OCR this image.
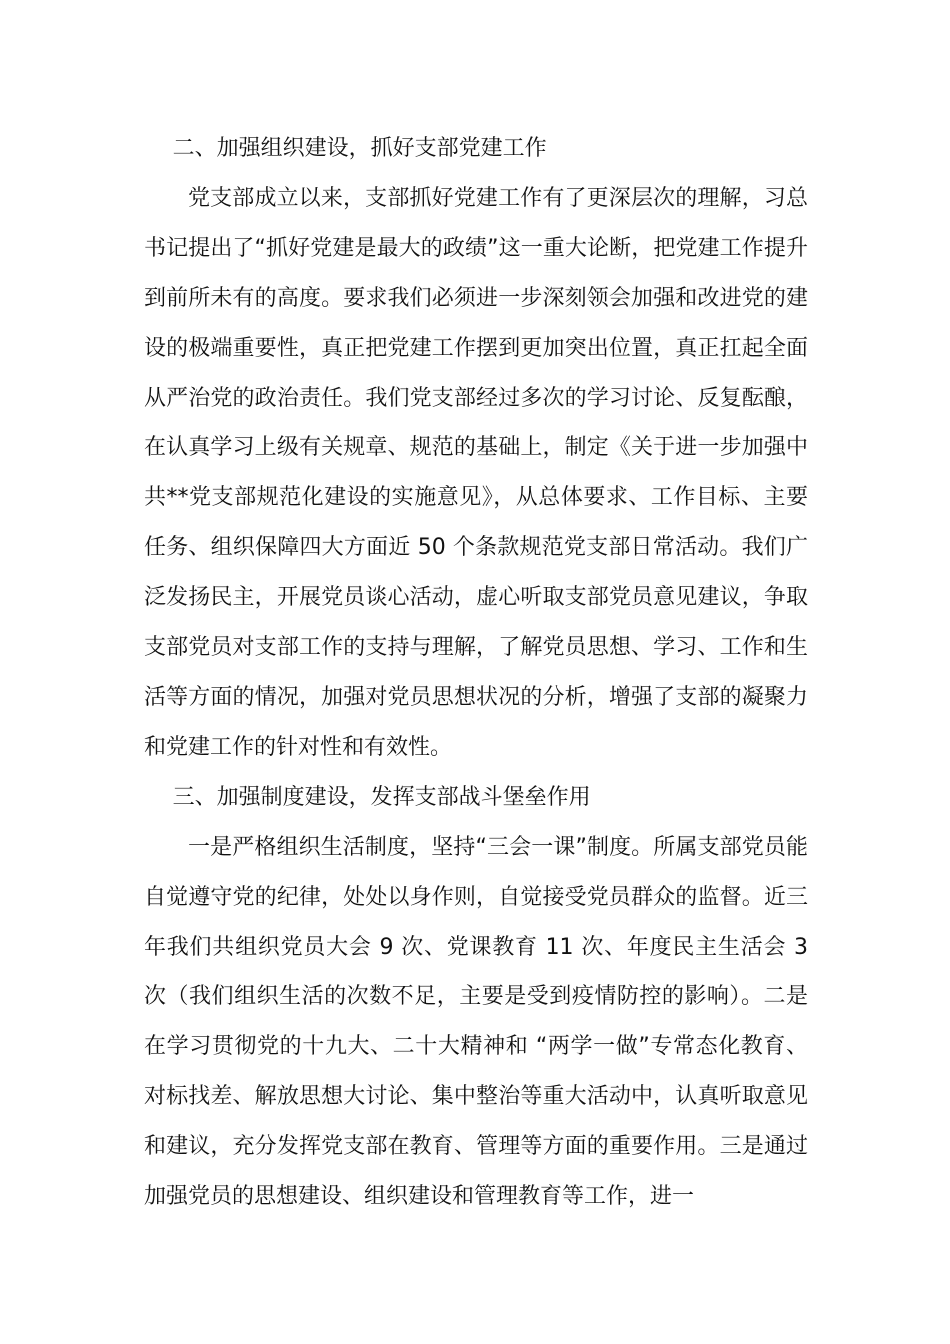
二、加强组织建设，抓好支部党建工作

党支部成立以来，支部抓好党建工作有了更深层次的理解，习总书记提出了“抓好党建是最大的政绩”这一重大论断，把党建工作提升到前所未有的高度。要求我们必须进一步深刻领会加强和改进党的建设的极端重要性，真正把党建工作摆到更加突出位置，真正扛起全面从严治党的政治责任。我们党支部经过多次的学习讨论、反复酝酿，在认真学习上级有关规章、规范的基础上，制定《关于进一步加强中共**党支部规范化建设的实施意见》，从总体要求、工作目标、主要任务、组织保障四大方面近 50 个条款规范党支部日常活动。我们广泛发扬民主，开展党员谈心活动，虚心听取支部党员意见建议，争取支部党员对支部工作的支持与理解，了解党员思想、学习、工作和生活等方面的情况，加强对党员思想状况的分析，增强了支部的凝聚力和党建工作的针对性和有效性。

三、加强制度建设，发挥支部战斗堡垒作用

一是严格组织生活制度，坚持“三会一课”制度。所属支部党员能自觉遵守党的纪律，处处以身作则，自觉接受党员群众的监督。近三年我们共组织党员大会 9 次、党课教育 11 次、年度民主生活会 3 次（我们组织生活的次数不足，主要是受到疫情防控的影响）。二是在学习贯彻党的十九大、二十大精神和 “两学一做”专常态化教育、对标找差、解放思想大讨论、集中整治等重大活动中，认真听取意见和建议，充分发挥党支部在教育、管理等方面的重要作用。三是通过加强党员的思想建设、组织建设和管理教育等工作，进一
